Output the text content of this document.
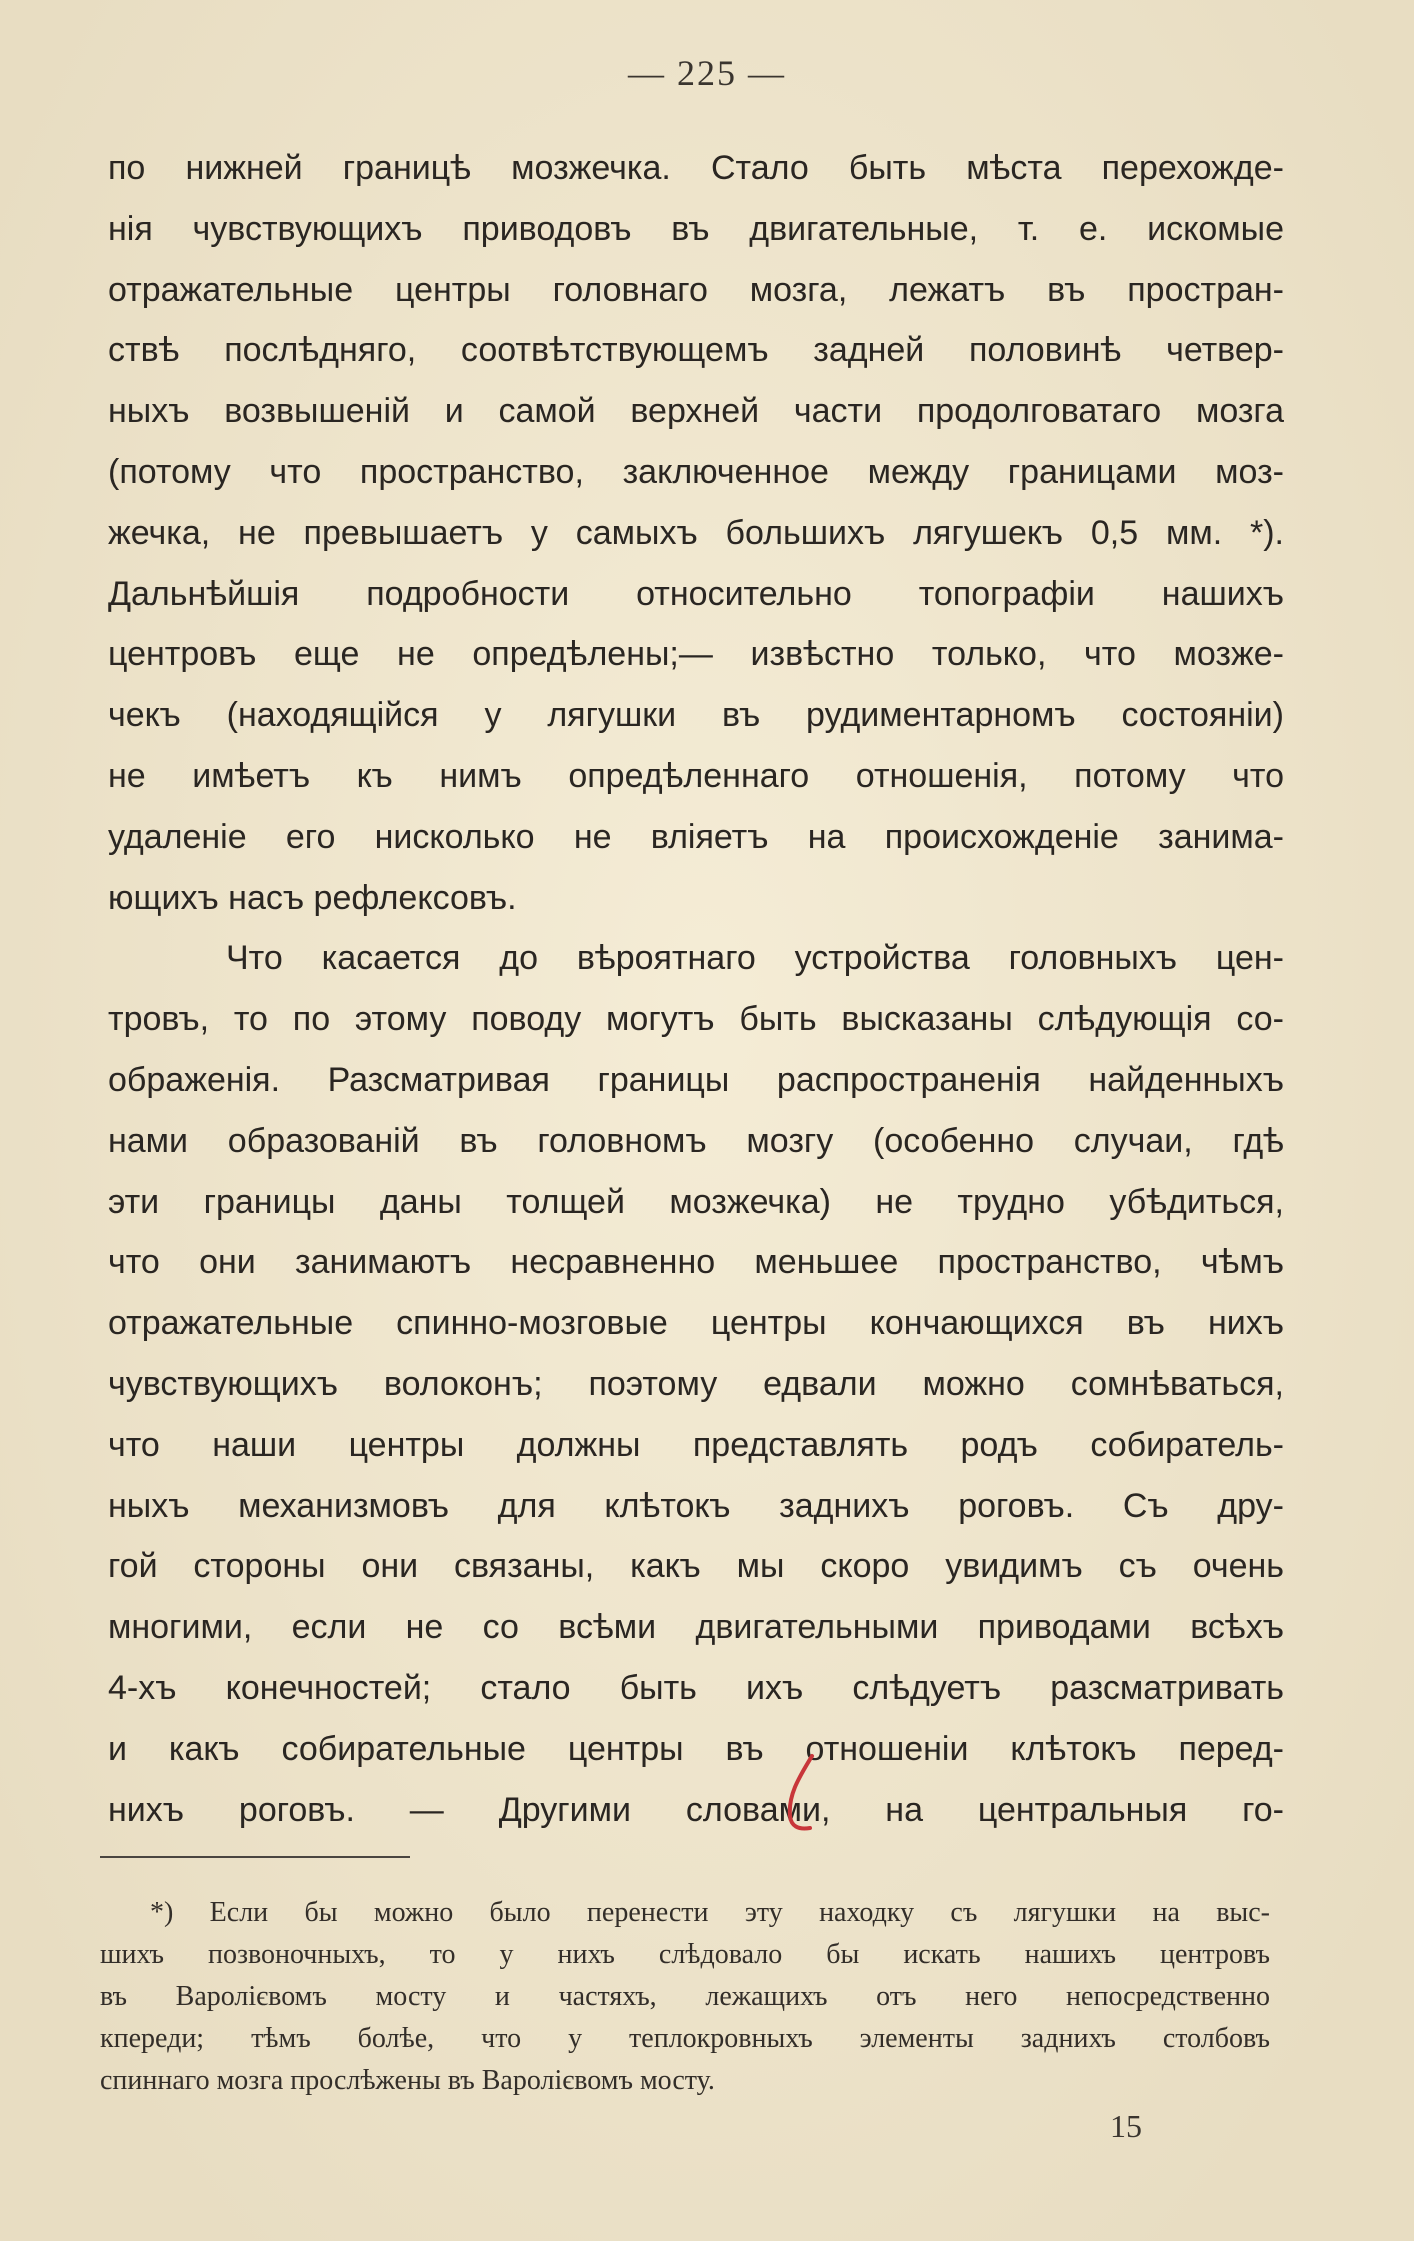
— 225 —
по нижней границѣ мозжечка. Стало быть мѣста перехожде-
нія чувствующихъ приводовъ въ двигательные, т. е. искомые
отражательные центры головнаго мозга, лежатъ въ простран-
ствѣ послѣдняго, соотвѣтствующемъ задней половинѣ четвер-
ныхъ возвышеній и самой верхней части продолговатаго мозга
(потому что пространство, заключенное между границами моз-
жечка, не превышаетъ у самыхъ большихъ лягушекъ 0,5 мм. *).
Дальнѣйшія подробности относительно топографіи нашихъ
центровъ еще не опредѣлены;— извѣстно только, что мозже-
чекъ (находящійся у лягушки въ рудиментарномъ состояніи)
не имѣетъ къ нимъ опредѣленнаго отношенія, потому что
удаленіе его нисколько не вліяетъ на происхожденіе занима-
ющихъ насъ рефлексовъ.
Что касается до вѣроятнаго устройства головныхъ цен-
тровъ, то по этому поводу могутъ быть высказаны слѣдующія со-
ображенія. Разсматривая границы распространенія найденныхъ
нами образованій въ головномъ мозгу (особенно случаи, гдѣ
эти границы даны толщей мозжечка) не трудно убѣдиться,
что они занимаютъ несравненно меньшее пространство, чѣмъ
отражательные спинно-мозговые центры кончающихся въ нихъ
чувствующихъ волоконъ; поэтому едвали можно сомнѣваться,
что наши центры должны представлять родъ собиратель-
ныхъ механизмовъ для клѣтокъ заднихъ роговъ. Съ дру-
гой стороны они связаны, какъ мы скоро увидимъ съ очень
многими, если не со всѣми двигательными приводами всѣхъ
4-хъ конечностей; стало быть ихъ слѣдуетъ разсматривать
и какъ собирательные центры въ отношеніи клѣтокъ перед-
нихъ роговъ. — Другими словами, на центральныя го-
*) Если бы можно было перенести эту находку съ лягушки на выс-
шихъ позвоночныхъ, то у нихъ слѣдовало бы искать нашихъ центровъ
въ Варолієвомъ мосту и частяхъ, лежащихъ отъ него непосредственно
кпереди; тѣмъ болѣе, что у теплокровныхъ элементы заднихъ столбовъ
спиннаго мозга прослѣжены въ Варолієвомъ мосту.
15
